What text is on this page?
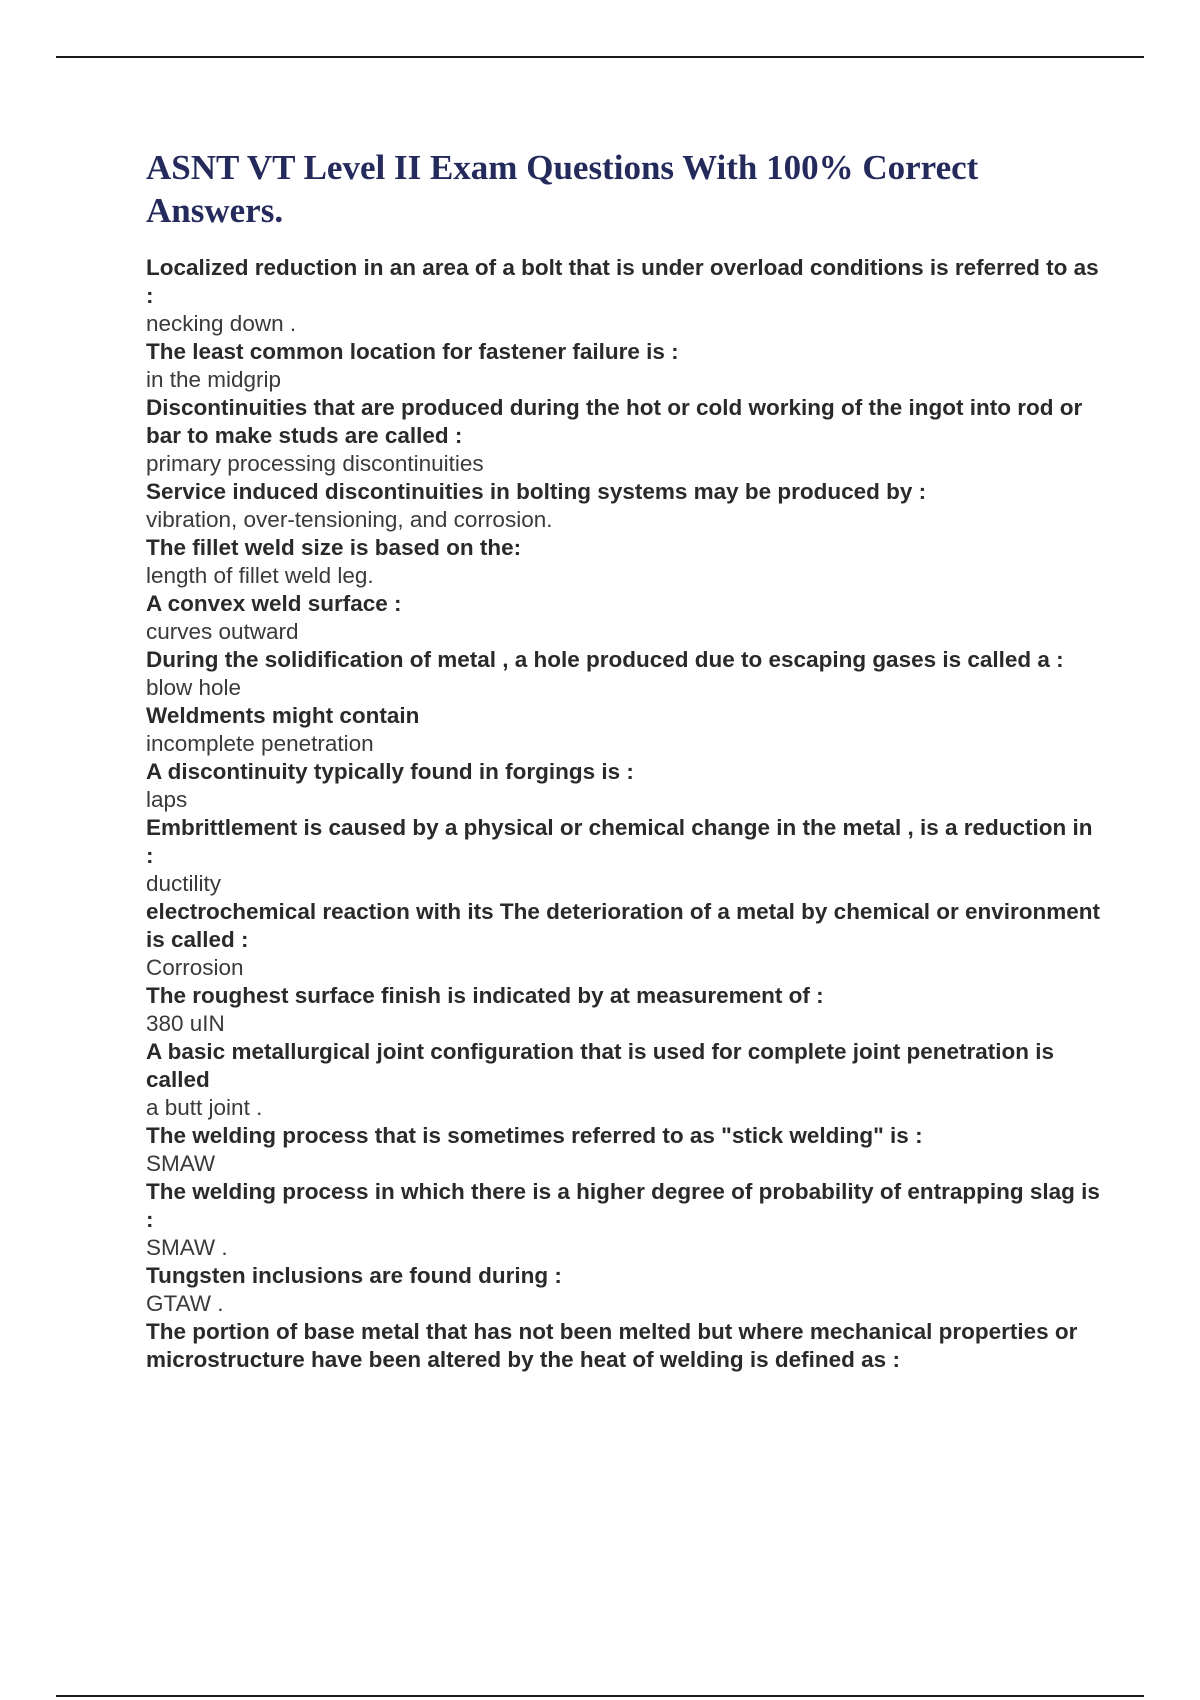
ASNT VT Level II Exam Questions With 100% Correct Answers.
Localized reduction in an area of a bolt that is under overload conditions is referred to as :
necking down .
The least common location for fastener failure is :
in the midgrip
Discontinuities that are produced during the hot or cold working of the ingot into rod or bar to make studs are called :
primary processing discontinuities
Service induced discontinuities in bolting systems may be produced by :
vibration, over-tensioning, and corrosion.
The fillet weld size is based on the:
length of fillet weld leg.
A convex weld surface :
curves outward
During the solidification of metal , a hole produced due to escaping gases is called a :
blow hole
Weldments might contain
incomplete penetration
A discontinuity typically found in forgings is :
laps
Embrittlement is caused by a physical or chemical change in the metal , is a reduction in :
ductility
electrochemical reaction with its The deterioration of a metal by chemical or environment is called :
Corrosion
The roughest surface finish is indicated by at measurement of :
380 uIN
A basic metallurgical joint configuration that is used for complete joint penetration is called
a butt joint .
The welding process that is sometimes referred to as "stick welding" is :
SMAW
The welding process in which there is a higher degree of probability of entrapping slag is :
SMAW .
Tungsten inclusions are found during :
GTAW .
The portion of base metal that has not been melted but where mechanical properties or microstructure have been altered by the heat of welding is defined as :
